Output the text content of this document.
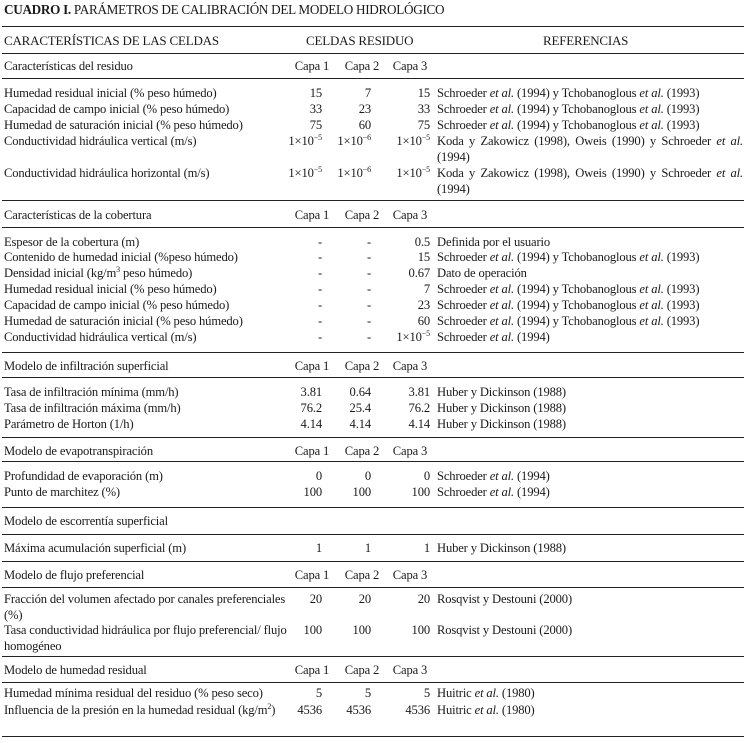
CUADRO I. PARÁMETROS DE CALIBRACIÓN DEL MODELO HIDROLÓGICO
CARACTERÍSTICAS DE LAS CELDAS	CELDAS RESIDUO	REFERENCIAS
Características del residuo	Capa 1	Capa 2	Capa 3
Humedad residual inicial (% peso húmedo)	15	7	15 Schroeder et al. (1994) y Tchobanoglous et al. (1993)
Capacidad de campo inicial (% peso húmedo)	33	23	33 Schroeder et al. (1994) y Tchobanoglous et al. (1993)
Humedad de saturación inicial (% peso húmedo)	75	60	75 Schroeder et al. (1994) y Tchobanoglous et al. (1993)
Conductividad hidráulica vertical (m/s)	$1\times 10^{-5}$	$1\times 10^{-6}$	$1\times 10^{-5}$ Koda y Zakowicz (1998), Oweis (1990) y Schroeder et al. (1994)
Conductividad hidráulica horizontal (m/s)	$1\times 10^{-5}$	$1\times 10^{-6}$	$1\times 10^{-5}$ Koda y Zakowicz (1998), Oweis (1990) y Schroeder et al. (1994)
Características de la cobertura	Capa 1	Capa 2	Capa 3
Espesor de la cobertura (m)	-	-	0.5 Definida por el usuario
Contenido de humedad inicial (%peso húmedo)	-	-	15 Schroeder et al. (1994) y Tchobanoglous et al. (1993)
Densidad inicial ($kg/m^3$ peso húmedo)	-	-	0.67 Dato de operación
Humedad residual inicial (% peso húmedo)	-	-	7 Schroeder et al. (1994) y Tchobanoglous et al. (1993)
Capacidad de campo inicial (% peso húmedo)	-	-	23 Schroeder et al. (1994) y Tchobanoglous et al. (1993)
Humedad de saturación inicial (% peso húmedo)	-	-	60 Schroeder et al. (1994) y Tchobanoglous et al. (1993)
Conductividad hidráulica vertical (m/s)	-	-	$1\times 10^{-5}$ Schroeder et al. (1994)
Modelo de infiltración superficial	Capa 1	Capa 2	Capa 3
Tasa de infiltración mínima (mm/h)	3.81	0.64	3.81 Huber y Dickinson (1988)
Tasa de infiltración máxima (mm/h)	76.2	25.4	76.2 Huber y Dickinson (1988)
Parámetro de Horton (1/h)	4.14	4.14	4.14 Huber y Dickinson (1988)
Modelo de evapotranspiración	Capa 1	Capa 2	Capa 3
Profundidad de evaporación (m)	0	0	0 Schroeder et al. (1994)
Punto de marchitez (%)	100	100	100 Schroeder et al. (1994)
Modelo de escorrentía superficial
Máxima acumulación superficial (m)	1	1	1 Huber y Dickinson (1988)
Modelo de flujo preferencial	Capa 1	Capa 2	Capa 3
Fracción del volumen afectado por canales preferenciales (%)
20	20	20 Rosqvist y Destouni (2000)
Tasa conductividad hidráulica por flujo preferencial/ flujo homogéneo
100	100	100 Rosqvist y Destouni (2000)
Modelo de humedad residual	Capa 1	Capa 2	Capa 3
Humedad mínima residual del residuo (% peso seco)	5	5	5 Huitric et al. (1980)
Influencia de la presión en la humedad residual $(kg/m^2)$	4536	4536	4536 Huitric et al. (1980)
